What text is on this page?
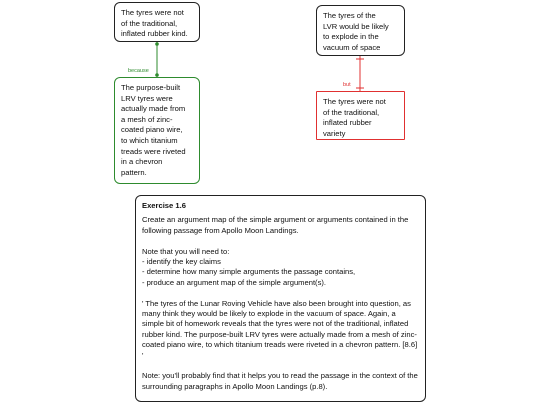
The tyres were not
of the traditional,
inflated rubber kind.
because
The purpose-built
LRV tyres were
actually made from
a mesh of zinc-
coated piano wire,
to which titanium
treads were riveted
in a chevron
pattern.
The tyres of the
LVR would be likely
to explode in the
vacuum of space
but
The tyres were not
of the traditional,
inflated rubber
variety
Exercise 1.6

Create an argument map of the simple argument or arguments contained in the following passage from Apollo Moon Landings.

Note that you will need to:
- identify the key claims
- determine how many simple arguments the passage contains,
- produce an argument map of the simple argument(s).

' The tyres of the Lunar Roving Vehicle have also been brought into question, as many think they would be likely to explode in the vacuum of space. Again, a simple bit of homework reveals that the tyres were not of the traditional, inflated rubber kind. The purpose-built LRV tyres were actually made from a mesh of zinc-coated piano wire, to which titanium treads were riveted in a chevron pattern. [8.6] '

Note: you'll probably find that it helps you to read the passage in the context of the surrounding paragraphs in Apollo Moon Landings (p.8).
